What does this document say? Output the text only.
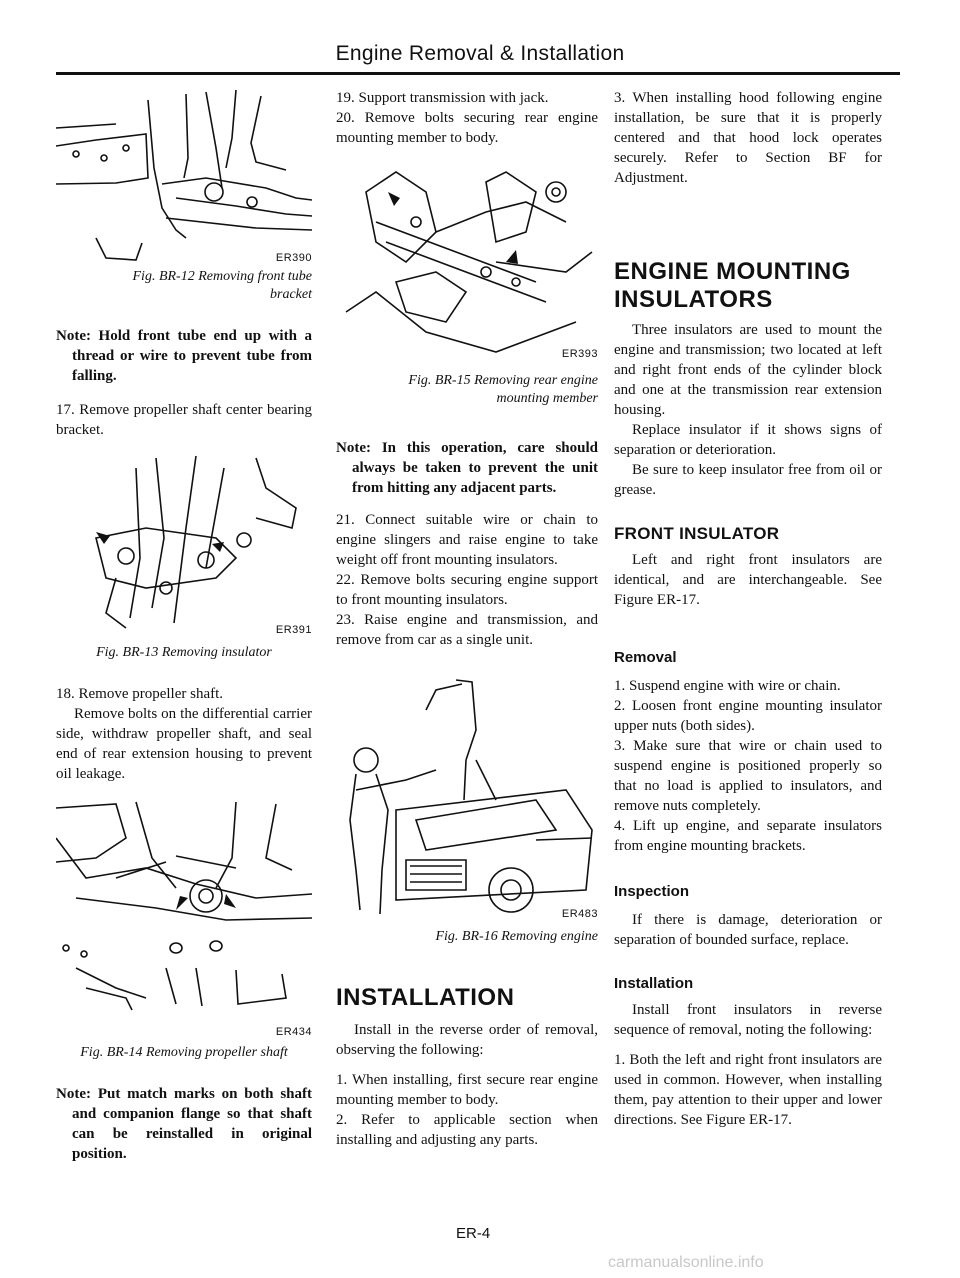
Engine Removal & Installation
ER390

Fig. BR-12 Removing front tube

bracket

Note: Hold front tube end up with a thread or wire to prevent tube from falling.

17. Remove propeller shaft center bearing bracket.

ER391

Fig. BR-13 Removing insulator

18. Remove propeller shaft.

Remove bolts on the differential carrier side, withdraw propeller shaft, and seal end of rear extension housing to prevent oil leakage.

ER434

Fig. BR-14 Removing propeller shaft

Note: Put match marks on both shaft and companion flange so that shaft can be reinstalled in original position.

19. Support transmission with jack.

20. Remove bolts securing rear engine mounting member to body.

ER393

Fig. BR-15 Removing rear engine

mounting member

Note: In this operation, care should always be taken to prevent the unit from hitting any adjacent parts.

21. Connect suitable wire or chain to engine slingers and raise engine to take weight off front mounting insulators.

22. Remove bolts securing engine support to front mounting insulators.

23. Raise engine and transmission, and remove from car as a single unit.

ER483

Fig. BR-16 Removing engine

INSTALLATION

Install in the reverse order of removal, observing the following:

1. When installing, first secure rear engine mounting member to body.

2. Refer to applicable section when installing and adjusting any parts.

3. When installing hood following engine installation, be sure that it is properly centered and that hood lock operates securely. Refer to Section BF for Adjustment.

ENGINE MOUNTING

INSULATORS

Three insulators are used to mount the engine and transmission; two located at left and right front ends of the cylinder block and one at the transmission rear extension housing.

Replace insulator if it shows signs of separation or deterioration.

Be sure to keep insulator free from oil or grease.

FRONT INSULATOR

Left and right front insulators are identical, and are interchangeable. See Figure ER-17.

Removal

1. Suspend engine with wire or chain.

2. Loosen front engine mounting insulator upper nuts (both sides).

3. Make sure that wire or chain used to suspend engine is positioned properly so that no load is applied to insulators, and remove nuts completely.

4. Lift up engine, and separate insulators from engine mounting brackets.

Inspection

If there is damage, deterioration or separation of bounded surface, replace.

Installation

Install front insulators in reverse sequence of removal, noting the following:

1. Both the left and right front insulators are used in common. However, when installing them, pay attention to their upper and lower directions. See Figure ER-17.

ER-4
carmanualsonline.info
